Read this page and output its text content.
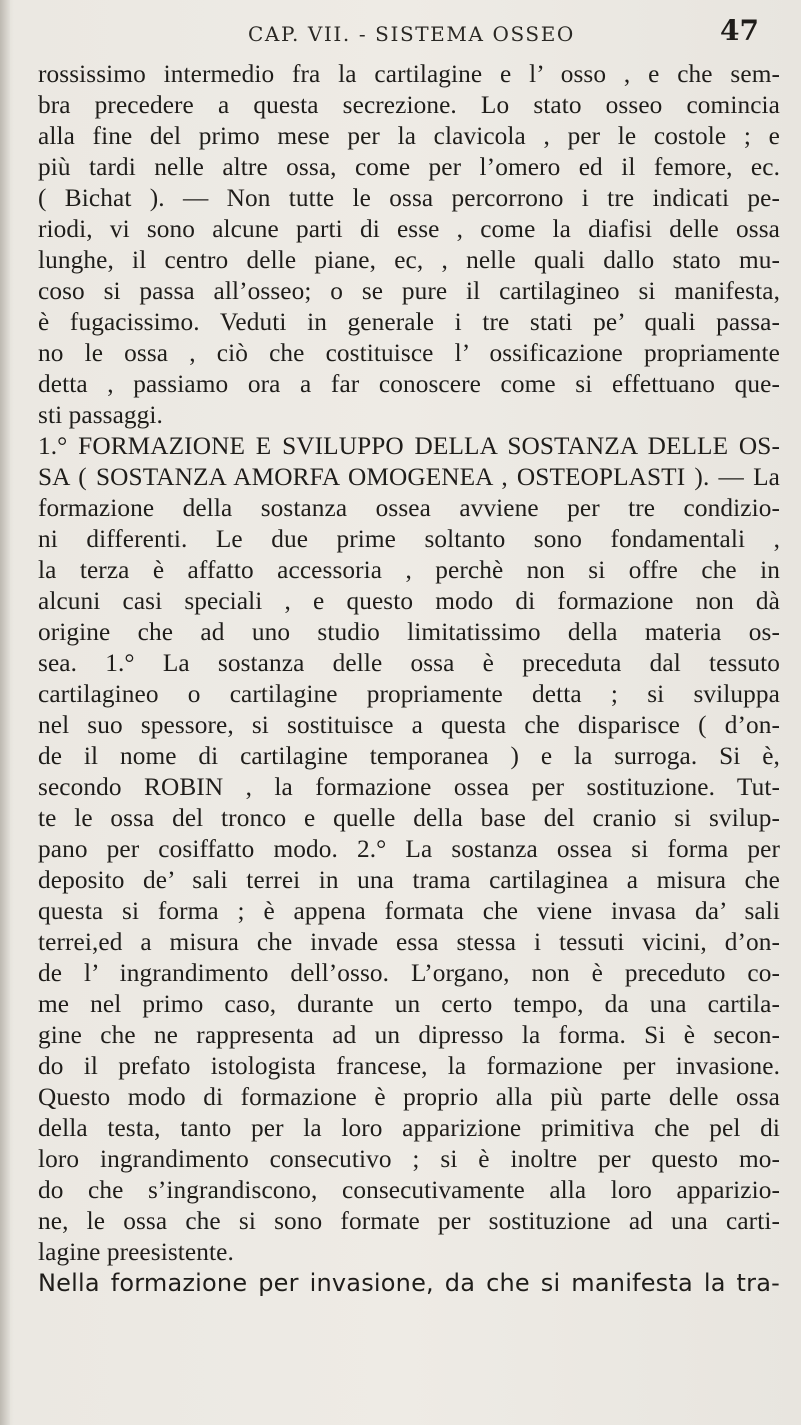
CAP. VII. - SISTEMA OSSEO	47
rossissimo intermedio fra la cartilagine e l’ osso , e che sem-
bra precedere a questa secrezione. Lo stato osseo comincia
alla fine del primo mese per la clavicola , per le costole ; e
più tardi nelle altre ossa, come per l’omero ed il femore, ec.
( Bichat ). — Non tutte le ossa percorrono i tre indicati pe-
riodi, vi sono alcune parti di esse , come la diafisi delle ossa
lunghe, il centro delle piane, ec, , nelle quali dallo stato mu-
coso si passa all’osseo; o se pure il cartilagineo si manifesta,
è fugacissimo. Veduti in generale i tre stati pe’ quali passa-
no le ossa , ciò che costituisce l’ ossificazione propriamente
detta , passiamo ora a far conoscere come si effettuano que-
sti passaggi.
1.° FORMAZIONE E SVILUPPO DELLA SOSTANZA DELLE OS-
SA ( SOSTANZA AMORFA OMOGENEA , OSTEOPLASTI ). — La
formazione della sostanza ossea avviene per tre condizio-
ni differenti. Le due prime soltanto sono fondamentali ,
la terza è affatto accessoria , perchè non si offre che in
alcuni casi speciali , e questo modo di formazione non dà
origine che ad uno studio limitatissimo della materia os-
sea. 1.° La sostanza delle ossa è preceduta dal tessuto
cartilagineo o cartilagine propriamente detta ; si sviluppa
nel suo spessore, si sostituisce a questa che disparisce ( d’on-
de il nome di cartilagine temporanea ) e la surroga. Si è,
secondo ROBIN , la formazione ossea per sostituzione. Tut-
te le ossa del tronco e quelle della base del cranio si svilup-
pano per cosiffatto modo. 2.° La sostanza ossea si forma per
deposito de’ sali terrei in una trama cartilaginea a misura che
questa si forma ; è appena formata che viene invasa da’ sali
terrei,ed a misura che invade essa stessa i tessuti vicini, d’on-
de l’ ingrandimento dell’osso. L’organo, non è preceduto co-
me nel primo caso, durante un certo tempo, da una cartila-
gine che ne rappresenta ad un dipresso la forma. Si è secon-
do il prefato istologista francese, la formazione per invasione.
Questo modo di formazione è proprio alla più parte delle ossa
della testa, tanto per la loro apparizione primitiva che pel di
loro ingrandimento consecutivo ; si è inoltre per questo mo-
do che s’ingrandiscono, consecutivamente alla loro apparizio-
ne, le ossa che si sono formate per sostituzione ad una carti-
lagine preesistente.
Nella formazione per invasione, da che si manifesta la tra-
